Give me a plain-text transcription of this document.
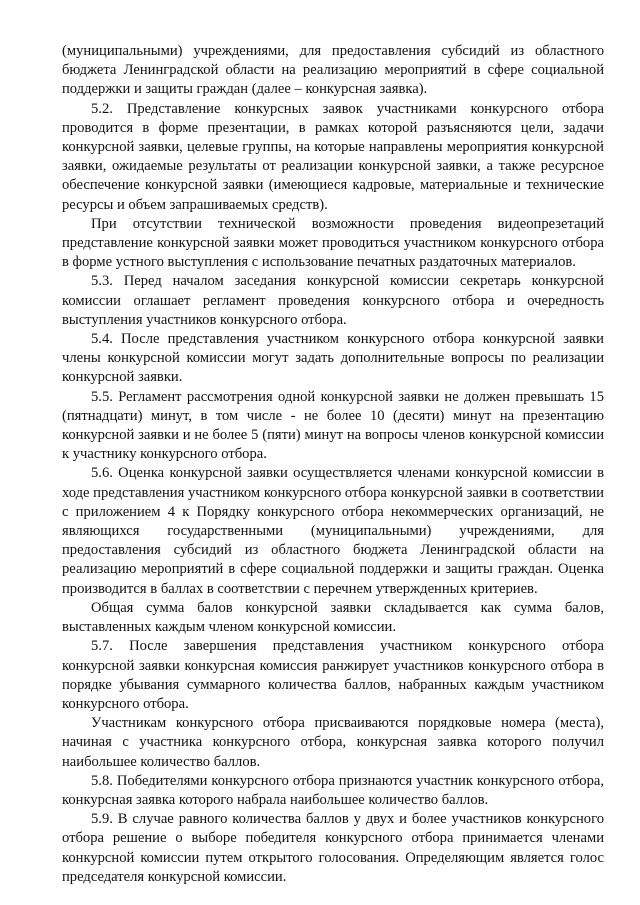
(муниципальными) учреждениями, для предоставления субсидий из областного бюджета Ленинградской области на реализацию мероприятий в сфере социальной поддержки и защиты граждан (далее – конкурсная заявка).

5.2. Представление конкурсных заявок участниками конкурсного отбора проводится в форме презентации, в рамках которой разъясняются цели, задачи конкурсной заявки, целевые группы, на которые направлены мероприятия конкурсной заявки, ожидаемые результаты от реализации конкурсной заявки, а также ресурсное обеспечение конкурсной заявки (имеющиеся кадровые, материальные и технические ресурсы и объем запрашиваемых средств).

При отсутствии технической возможности проведения видеопрезетаций представление конкурсной заявки может проводиться участником конкурсного отбора в форме устного выступления с использование печатных раздаточных материалов.

5.3. Перед началом заседания конкурсной комиссии секретарь конкурсной комиссии оглашает регламент проведения конкурсного отбора и очередность выступления участников конкурсного отбора.

5.4. После представления участником конкурсного отбора конкурсной заявки члены конкурсной комиссии могут задать дополнительные вопросы по реализации конкурсной заявки.

5.5. Регламент рассмотрения одной конкурсной заявки не должен превышать 15 (пятнадцати) минут, в том числе - не более 10 (десяти) минут на презентацию конкурсной заявки и не более 5 (пяти) минут на вопросы членов конкурсной комиссии к участнику конкурсного отбора.

5.6. Оценка конкурсной заявки осуществляется членами конкурсной комиссии в ходе представления участником конкурсного отбора конкурсной заявки в соответствии с приложением 4 к Порядку конкурсного отбора некоммерческих организаций, не являющихся государственными (муниципальными) учреждениями, для предоставления субсидий из областного бюджета Ленинградской области на реализацию мероприятий в сфере социальной поддержки и защиты граждан. Оценка производится в баллах в соответствии с перечнем утвержденных критериев.

Общая сумма балов конкурсной заявки складывается как сумма балов, выставленных каждым членом конкурсной комиссии.

5.7. После завершения представления участником конкурсного отбора конкурсной заявки конкурсная комиссия ранжирует участников конкурсного отбора в порядке убывания суммарного количества баллов, набранных каждым участником конкурсного отбора.

Участникам конкурсного отбора присваиваются порядковые номера (места), начиная с участника конкурсного отбора, конкурсная заявка которого получил наибольшее количество баллов.

5.8. Победителями конкурсного отбора признаются участник конкурсного отбора, конкурсная заявка которого набрала наибольшее количество баллов.

5.9. В случае равного количества баллов у двух и более участников конкурсного отбора решение о выборе победителя конкурсного отбора принимается членами конкурсной комиссии путем открытого голосования. Определяющим является голос председателя конкурсной комиссии.
